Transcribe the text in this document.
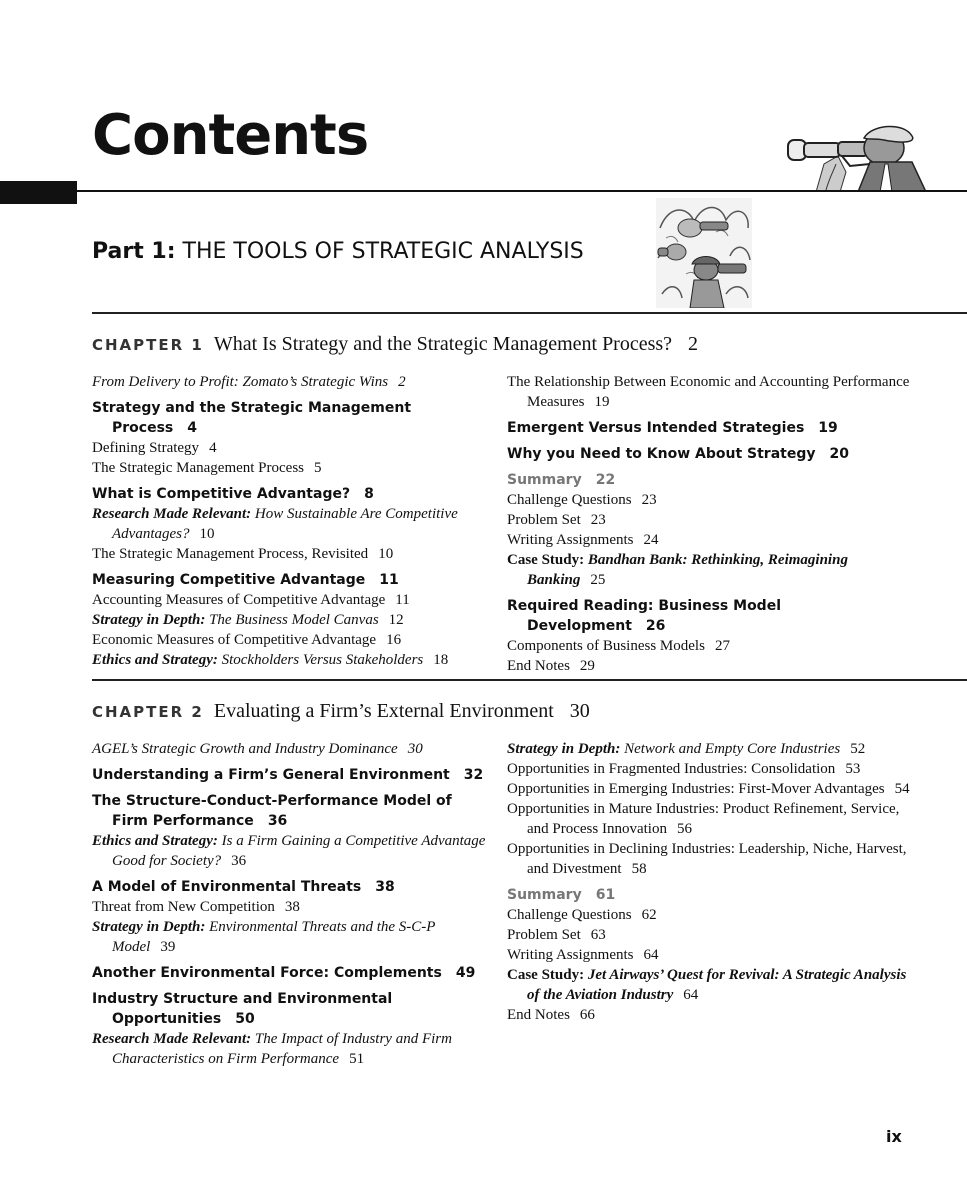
Contents
Part 1: THE TOOLS OF STRATEGIC ANALYSIS
CHAPTER 1 What Is Strategy and the Strategic Management Process? 2
From Delivery to Profit: Zomato’s Strategic Wins 2
Strategy and the Strategic Management Process 4
Defining Strategy 4
The Strategic Management Process 5
What is Competitive Advantage? 8
Research Made Relevant: How Sustainable Are Competitive Advantages? 10
The Strategic Management Process, Revisited 10
Measuring Competitive Advantage 11
Accounting Measures of Competitive Advantage 11
Strategy in Depth: The Business Model Canvas 12
Economic Measures of Competitive Advantage 16
Ethics and Strategy: Stockholders Versus Stakeholders 18
The Relationship Between Economic and Accounting Performance Measures 19
Emergent Versus Intended Strategies 19
Why you Need to Know About Strategy 20
Summary 22
Challenge Questions 23
Problem Set 23
Writing Assignments 24
Case Study: Bandhan Bank: Rethinking, Reimagining Banking 25
Required Reading: Business Model Development 26
Components of Business Models 27
End Notes 29
CHAPTER 2 Evaluating a Firm’s External Environment 30
AGEL’s Strategic Growth and Industry Dominance 30
Understanding a Firm’s General Environment 32
The Structure-Conduct-Performance Model of Firm Performance 36
Ethics and Strategy: Is a Firm Gaining a Competitive Advantage Good for Society? 36
A Model of Environmental Threats 38
Threat from New Competition 38
Strategy in Depth: Environmental Threats and the S-C-P Model 39
Another Environmental Force: Complements 49
Industry Structure and Environmental Opportunities 50
Research Made Relevant: The Impact of Industry and Firm Characteristics on Firm Performance 51
Strategy in Depth: Network and Empty Core Industries 52
Opportunities in Fragmented Industries: Consolidation 53
Opportunities in Emerging Industries: First-Mover Advantages 54
Opportunities in Mature Industries: Product Refinement, Service, and Process Innovation 56
Opportunities in Declining Industries: Leadership, Niche, Harvest, and Divestment 58
Summary 61
Challenge Questions 62
Problem Set 63
Writing Assignments 64
Case Study: Jet Airways’ Quest for Revival: A Strategic Analysis of the Aviation Industry 64
End Notes 66
ix
